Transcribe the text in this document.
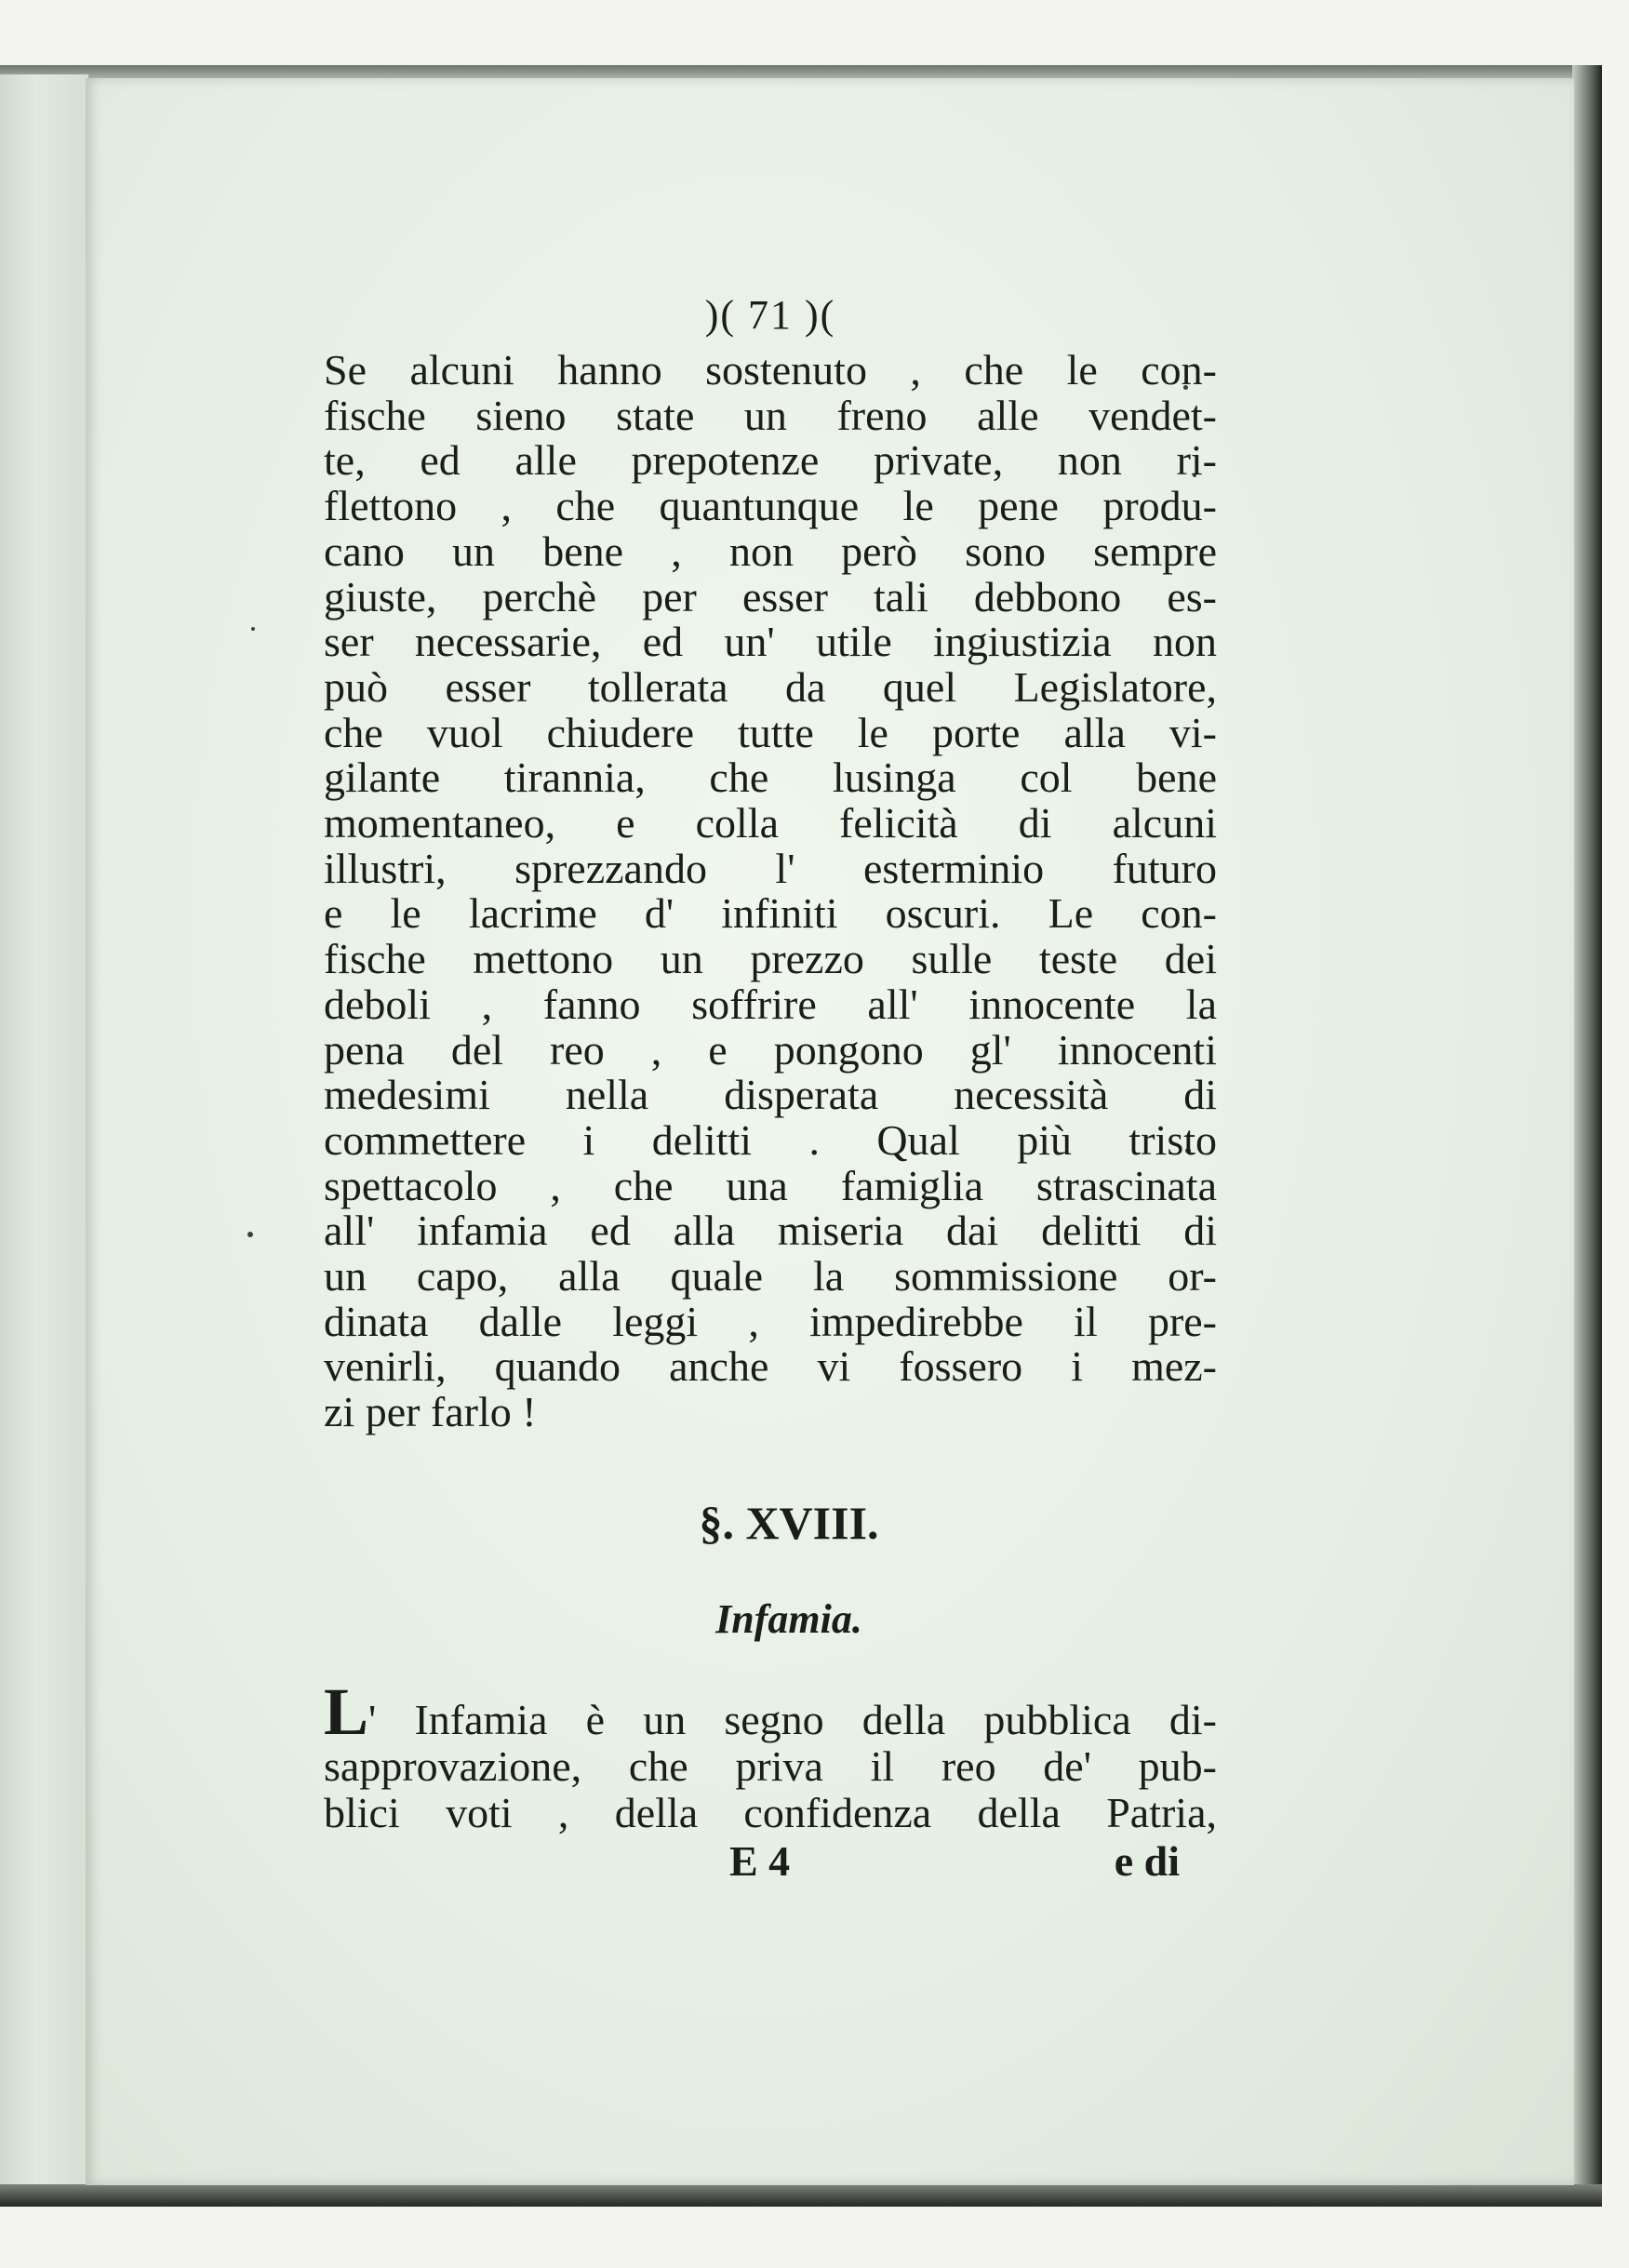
)( 71 )(
Se alcuni hanno sostenuto , che le con-
fische sieno state un freno alle vendet-
te, ed alle prepotenze private, non ri-
flettono , che quantunque le pene produ-
cano un bene , non però sono sempre
giuste, perchè per esser tali debbono es-
ser necessarie, ed un' utile ingiustizia non
può esser tollerata da quel Legislatore,
che vuol chiudere tutte le porte alla vi-
gilante tirannia, che lusinga col bene
momentaneo, e colla felicità di alcuni
illustri, sprezzando l' esterminio futuro
e le lacrime d' infiniti oscuri. Le con-
fische mettono un prezzo sulle teste dei
deboli , fanno soffrire all' innocente la
pena del reo , e pongono gl' innocenti
medesimi nella disperata necessità di
commettere i delitti . Qual più tristo
spettacolo , che una famiglia strascinata
all' infamia ed alla miseria dai delitti di
un capo, alla quale la sommissione or-
dinata dalle leggi , impedirebbe il pre-
venirli, quando anche vi fossero i mez-
zi per farlo !
§. XVIII.
Infamia.
L' Infamia è un segno della pubblica di-
sapprovazione, che priva il reo de' pub-
blici voti , della confidenza della Patria,
E 4	e di
